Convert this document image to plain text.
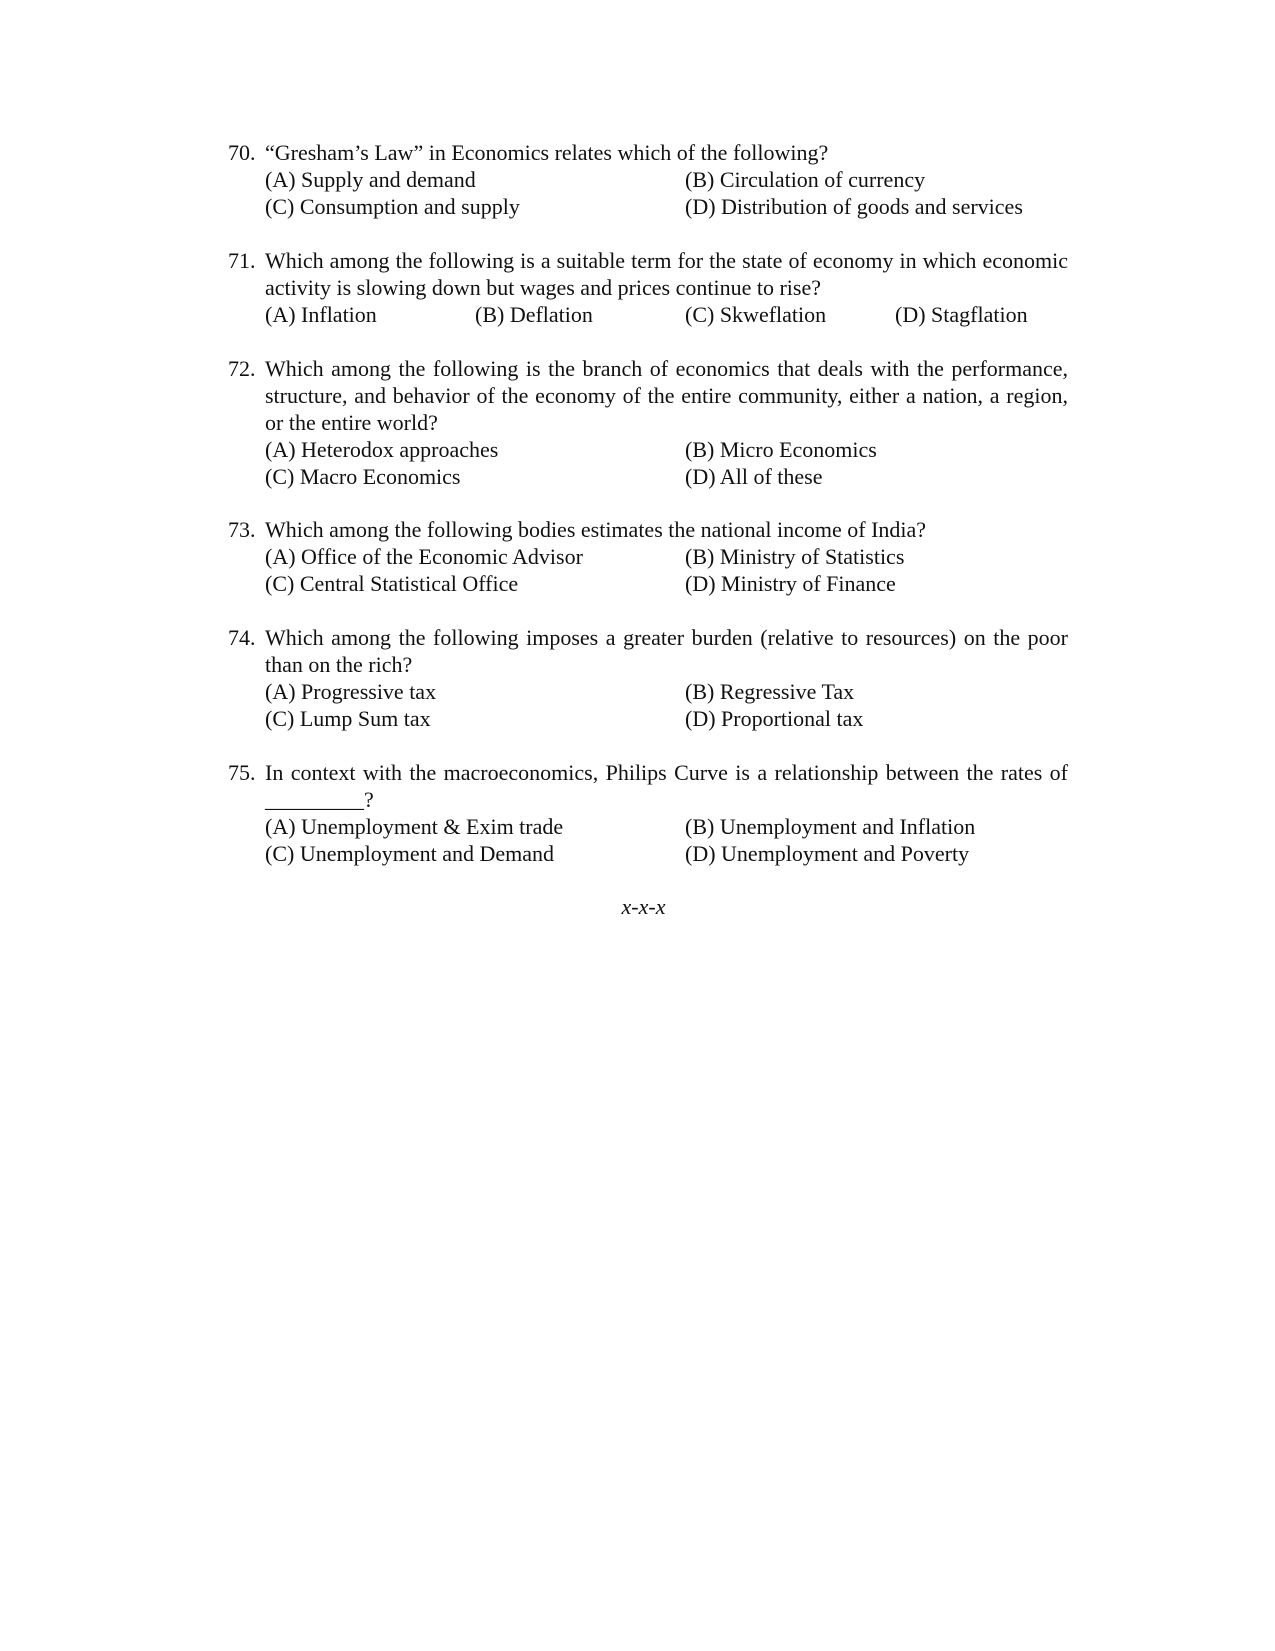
70. “Gresham’s Law” in Economics relates which of the following?
(A) Supply and demand	(B) Circulation of currency
(C) Consumption and supply	(D) Distribution of goods and services
71. Which among the following is a suitable term for the state of economy in which economic activity is slowing down but wages and prices continue to rise?
(A) Inflation	(B) Deflation	(C) Skweflation	(D) Stagflation
72. Which among the following is the branch of economics that deals with the performance, structure, and behavior of the economy of the entire community, either a nation, a region, or the entire world?
(A) Heterodox approaches	(B) Micro Economics
(C) Macro Economics	(D) All of these
73. Which among the following bodies estimates the national income of India?
(A) Office of the Economic Advisor	(B) Ministry of Statistics
(C) Central Statistical Office	(D) Ministry of Finance
74. Which among the following imposes a greater burden (relative to resources) on the poor than on the rich?
(A) Progressive tax	(B) Regressive Tax
(C) Lump Sum tax	(D) Proportional tax
75. In context with the macroeconomics, Philips Curve is a relationship between the rates of _________?
(A) Unemployment & Exim trade	(B) Unemployment and Inflation
(C) Unemployment and Demand	(D) Unemployment and Poverty
x-x-x
